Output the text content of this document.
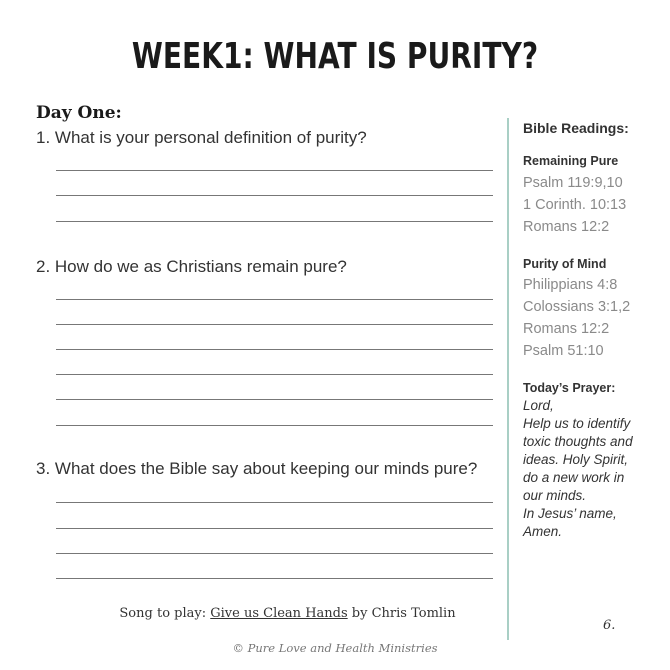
WEEK1: WHAT IS PURITY?
Day One:
1. What is your personal definition of purity?
2. How do we as Christians remain pure?
3. What does the Bible say about keeping our minds pure?
Bible Readings:
Remaining Pure
Psalm 119:9,10
1 Corinth. 10:13
Romans 12:2
Purity of Mind
Philippians 4:8
Colossians 3:1,2
Romans 12:2
Psalm 51:10
Today’s Prayer:
Lord,
Help us to identify
toxic thoughts and
ideas. Holy Spirit,
do a new work in
our minds.
In Jesus’ name,
Amen.
Song to play: Give us Clean Hands by Chris Tomlin
6.
© Pure Love and Health Ministries
